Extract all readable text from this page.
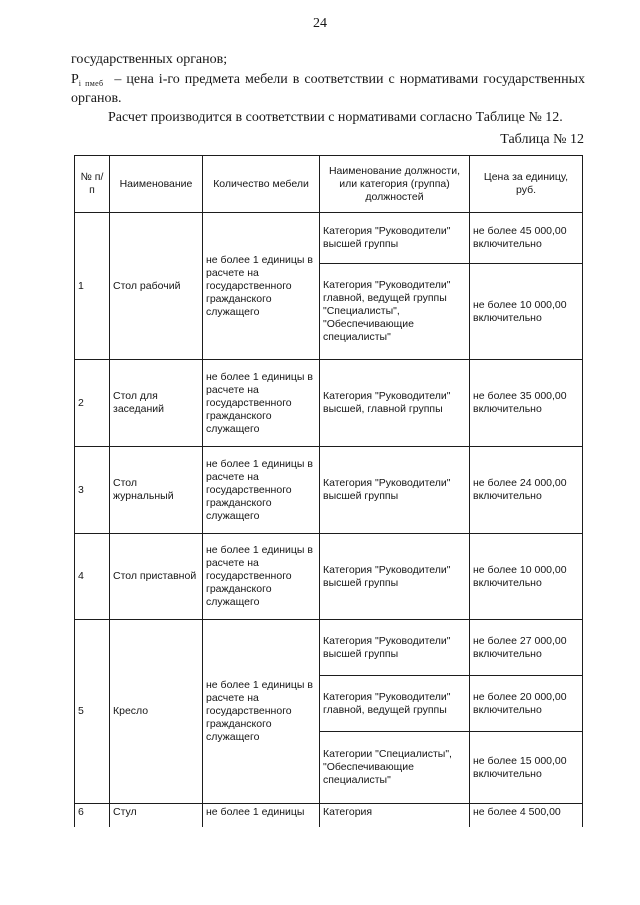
24
государственных органов;
$P_{i пмеб}$ – цена i-го предмета мебели в соответствии с нормативами государственных органов.
Расчет производится в соответствии с нормативами согласно Таблице № 12.
Таблица № 12
№ п/п	Наименование	Количество мебели	Наименование должности, или категория (группа) должностей	Цена за единицу, руб.
1	Стол рабочий	не более 1 единицы в расчете на государственного гражданского служащего	Категория "Руководители" высшей группы	не более 45 000,00 включительно
			Категория "Руководители" главной, ведущей группы "Специалисты", "Обеспечивающие специалисты"	не более 10 000,00 включительно
2	Стол для заседаний	не более 1 единицы в расчете на государственного гражданского служащего	Категория "Руководители" высшей, главной группы	не более 35 000,00 включительно
3	Стол журнальный	не более 1 единицы в расчете на государственного гражданского служащего	Категория "Руководители" высшей группы	не более 24 000,00 включительно
4	Стол приставной	не более 1 единицы в расчете на государственного гражданского служащего	Категория "Руководители" высшей группы	не более 10 000,00 включительно
5	Кресло	не более 1 единицы в расчете на государственного гражданского служащего	Категория "Руководители" высшей группы	не более 27 000,00 включительно
			Категория "Руководители" главной, ведущей группы	не более 20 000,00 включительно
			Категории "Специалисты", "Обеспечивающие специалисты"	не более 15 000,00 включительно
6	Стул	не более 1 единицы	Категория	не более 4 500,00
